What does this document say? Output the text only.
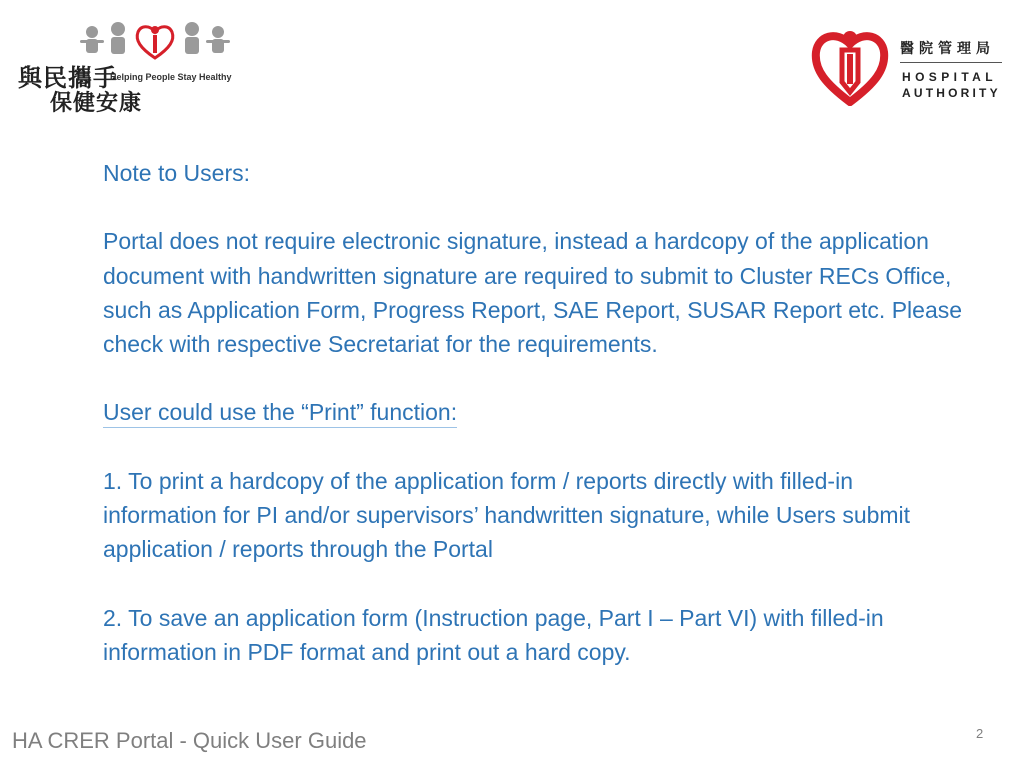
與民攜手
保健安康
Helping People Stay Healthy
醫院管理局
HOSPITAL
AUTHORITY

Note to Users:

Portal does not require electronic signature, instead a hardcopy of the application document with handwritten signature are required to submit to Cluster RECs Office, such as Application Form, Progress Report, SAE Report, SUSAR Report etc. Please check with respective Secretariat for the requirements.

User could use the “Print” function:

1. To print a hardcopy of the application form / reports directly with filled-in information for PI and/or supervisors’ handwritten signature, while Users submit application / reports through the Portal

2. To save an application form (Instruction page, Part I – Part VI) with filled-in information in PDF format and print out a hard copy.

HA CRER Portal - Quick User Guide	2
